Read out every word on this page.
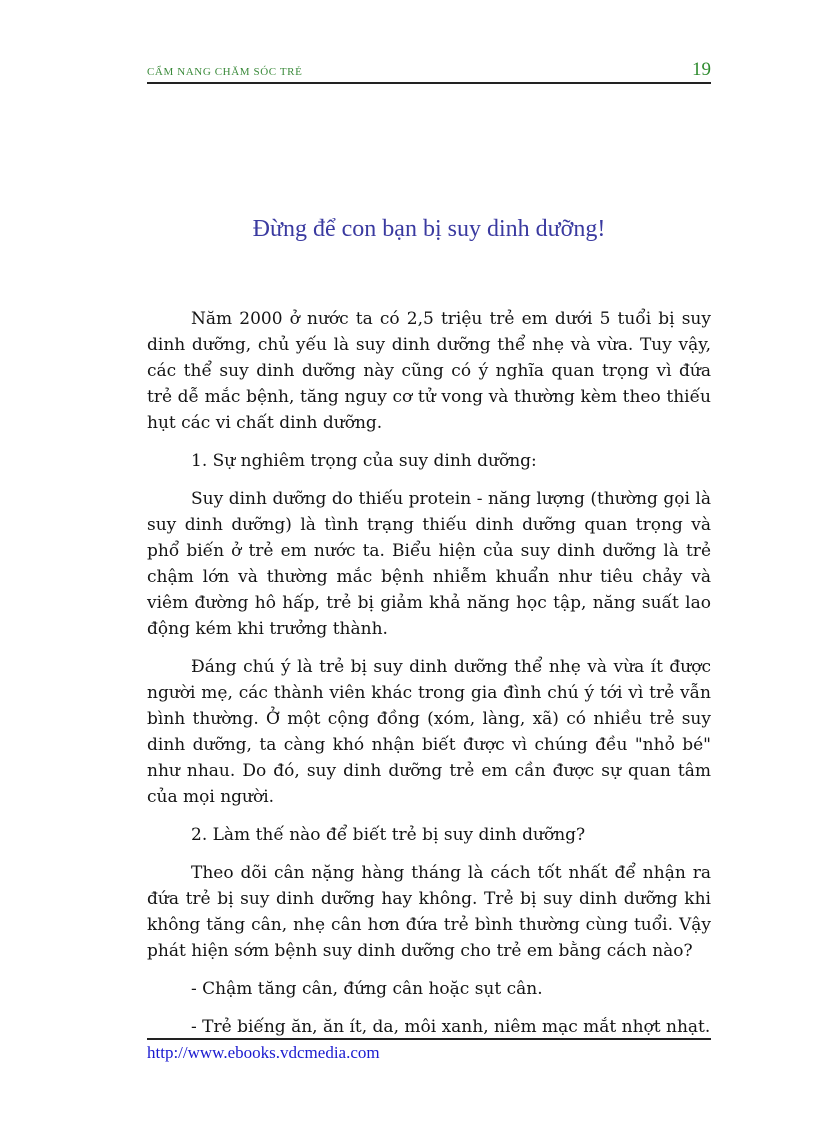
CẨM NANG CHĂM SÓC TRẺ	19
Đừng để con bạn bị suy dinh dưỡng!

Năm 2000 ở nước ta có 2,5 triệu trẻ em dưới 5 tuổi bị suy dinh dưỡng, chủ yếu là suy dinh dưỡng thể nhẹ và vừa. Tuy vậy, các thể suy dinh dưỡng này cũng có ý nghĩa quan trọng vì đứa trẻ dễ mắc bệnh, tăng nguy cơ tử vong và thường kèm theo thiếu hụt các vi chất dinh dưỡng.

1. Sự nghiêm trọng của suy dinh dưỡng:

Suy dinh dưỡng do thiếu protein - năng lượng (thường gọi là suy dinh dưỡng) là tình trạng thiếu dinh dưỡng quan trọng và phổ biến ở trẻ em nước ta. Biểu hiện của suy dinh dưỡng là trẻ chậm lớn và thường mắc bệnh nhiễm khuẩn như tiêu chảy và viêm đường hô hấp, trẻ bị giảm khả năng học tập, năng suất lao động kém khi trưởng thành.

Đáng chú ý là trẻ bị suy dinh dưỡng thể nhẹ và vừa ít được người mẹ, các thành viên khác trong gia đình chú ý tới vì trẻ vẫn bình thường. Ở một cộng đồng (xóm, làng, xã) có nhiều trẻ suy dinh dưỡng, ta càng khó nhận biết được vì chúng đều "nhỏ bé" như nhau. Do đó, suy dinh dưỡng trẻ em cần được sự quan tâm của mọi người.

2. Làm thế nào để biết trẻ bị suy dinh dưỡng?

Theo dõi cân nặng hàng tháng là cách tốt nhất để nhận ra đứa trẻ bị suy dinh dưỡng hay không. Trẻ bị suy dinh dưỡng khi không tăng cân, nhẹ cân hơn đứa trẻ bình thường cùng tuổi. Vậy phát hiện sớm bệnh suy dinh dưỡng cho trẻ em bằng cách nào?

- Chậm tăng cân, đứng cân hoặc sụt cân.

- Trẻ biếng ăn, ăn ít, da, môi xanh, niêm mạc mắt nhợt nhạt.

http://www.ebooks.vdcmedia.com
